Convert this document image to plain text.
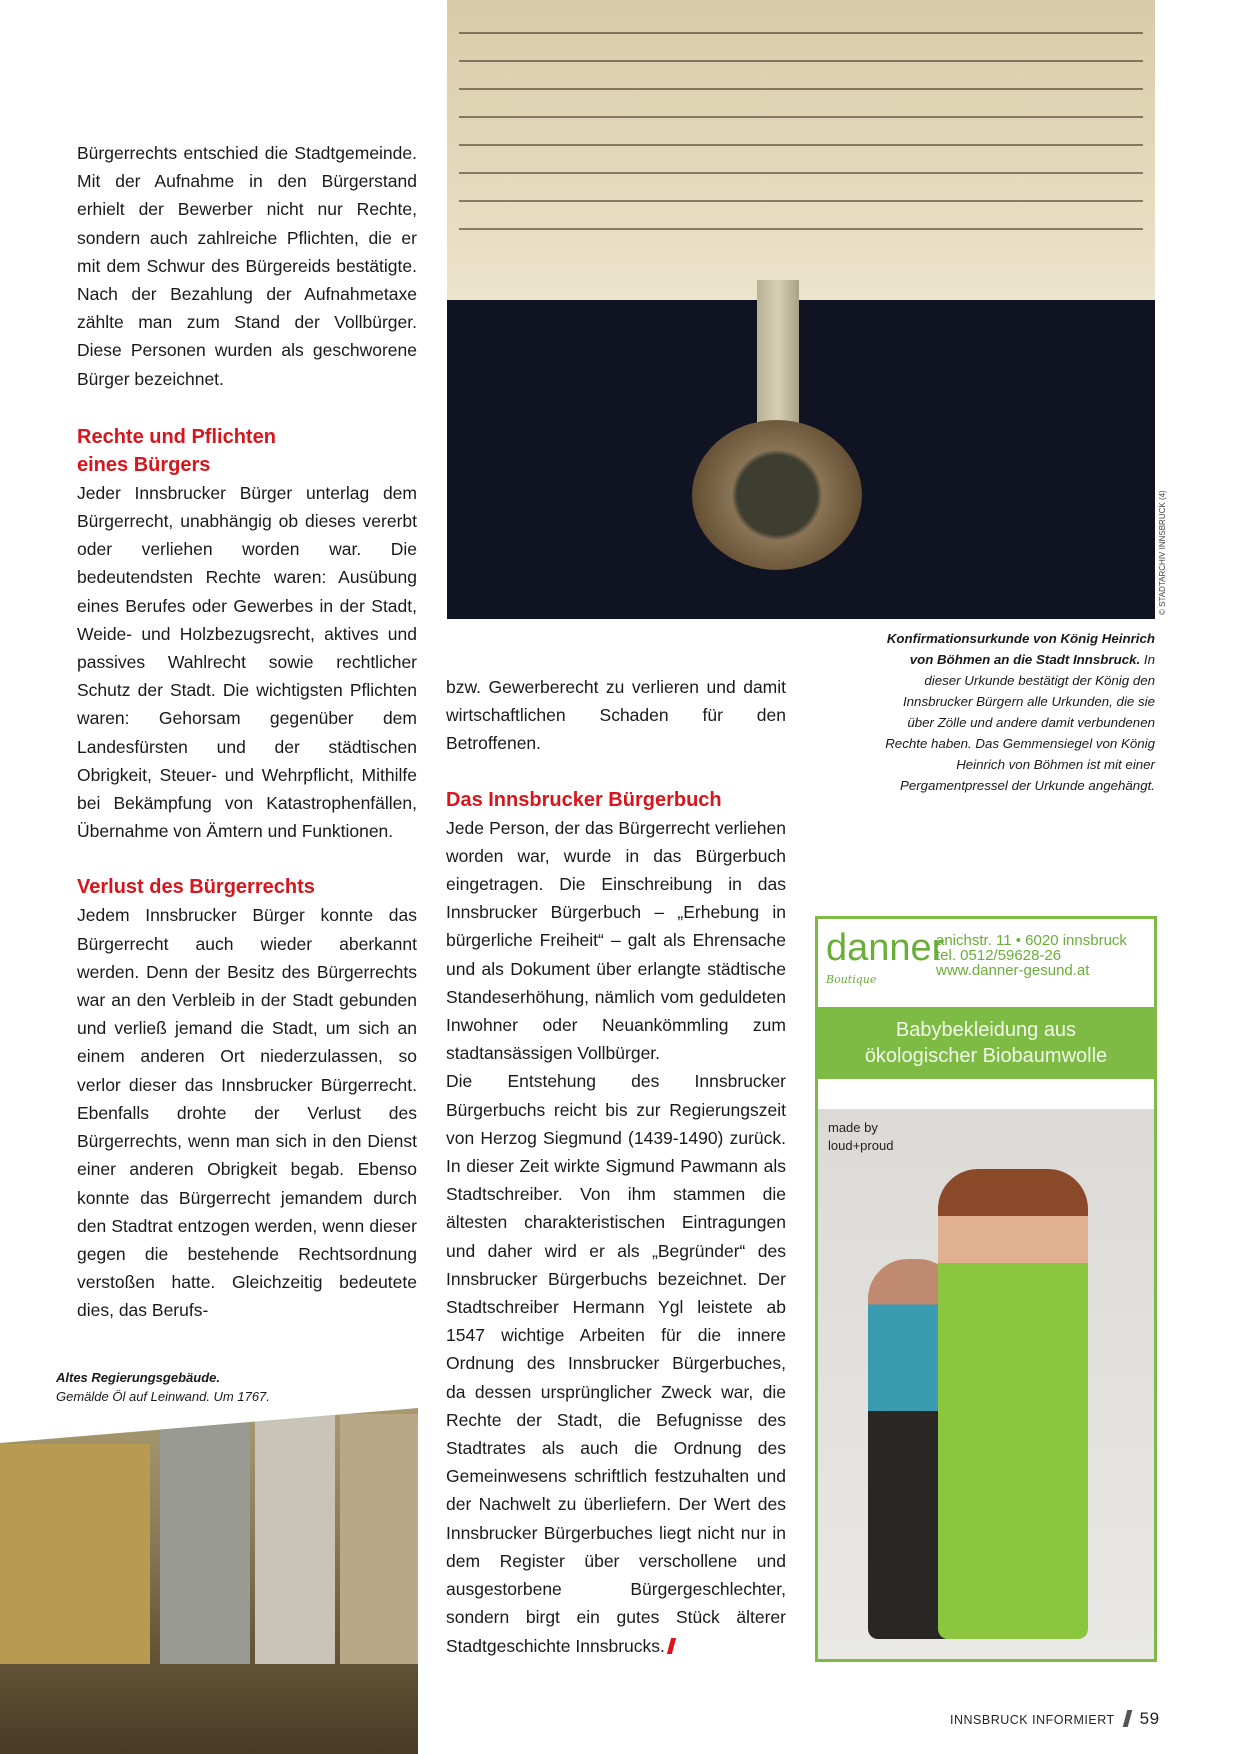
Bürgerrechts entschied die Stadtgemeinde. Mit der Aufnahme in den Bürgerstand erhielt der Bewerber nicht nur Rechte, sondern auch zahlreiche Pflichten, die er mit dem Schwur des Bürgereids bestätigte. Nach der Bezahlung der Aufnahmetaxe zählte man zum Stand der Vollbürger. Diese Personen wurden als geschworene Bürger bezeichnet.

Rechte und Pflichten eines Bürgers

Jeder Innsbrucker Bürger unterlag dem Bürgerrecht, unabhängig ob dieses vererbt oder verliehen worden war. Die bedeutendsten Rechte waren: Ausübung eines Berufes oder Gewerbes in der Stadt, Weide- und Holzbezugsrecht, aktives und passives Wahlrecht sowie rechtlicher Schutz der Stadt. Die wichtigsten Pflichten waren: Gehorsam gegenüber dem Landesfürsten und der städtischen Obrigkeit, Steuer- und Wehrpflicht, Mithilfe bei Bekämpfung von Katastrophenfällen, Übernahme von Ämtern und Funktionen.

Verlust des Bürgerrechts

Jedem Innsbrucker Bürger konnte das Bürgerrecht auch wieder aberkannt werden. Denn der Besitz des Bürgerrechts war an den Verbleib in der Stadt gebunden und verließ jemand die Stadt, um sich an einem anderen Ort niederzulassen, so verlor dieser das Innsbrucker Bürgerrecht. Ebenfalls drohte der Verlust des Bürgerrechts, wenn man sich in den Dienst einer anderen Obrigkeit begab. Ebenso konnte das Bürgerrecht jemandem durch den Stadtrat entzogen werden, wenn dieser gegen die bestehende Rechtsordnung verstoßen hatte. Gleichzeitig bedeutete dies, das Berufs-

bzw. Gewerberecht zu verlieren und damit wirtschaftlichen Schaden für den Betroffenen.

Das Innsbrucker Bürgerbuch

Jede Person, der das Bürgerrecht verliehen worden war, wurde in das Bürgerbuch eingetragen. Die Einschreibung in das Innsbrucker Bürgerbuch – „Erhebung in bürgerliche Freiheit“ – galt als Ehrensache und als Dokument über erlangte städtische Standeserhöhung, nämlich vom geduldeten Inwohner oder Neuankömmling zum stadtansässigen Vollbürger.

Die Entstehung des Innsbrucker Bürgerbuchs reicht bis zur Regierungszeit von Herzog Siegmund (1439-1490) zurück. In dieser Zeit wirkte Sigmund Pawmann als Stadtschreiber. Von ihm stammen die ältesten charakteristischen Eintragungen und daher wird er als „Begründer“ des Innsbrucker Bürgerbuchs bezeichnet. Der Stadtschreiber Hermann Ygl leistete ab 1547 wichtige Arbeiten für die innere Ordnung des Innsbrucker Bürgerbuches, da dessen ursprünglicher Zweck war, die Rechte der Stadt, die Befugnisse des Stadtrates als auch die Ordnung des Gemeinwesens schriftlich festzuhalten und der Nachwelt zu überliefern. Der Wert des Innsbrucker Bürgerbuches liegt nicht nur in dem Register über verschollene und ausgestorbene Bürgergeschlechter, sondern birgt ein gutes Stück älterer Stadtgeschichte Innsbrucks.

© STADTARCHIV INNSBRUCK (4)
Konfirmationsurkunde von König Heinrich von Böhmen an die Stadt Innsbruck. In dieser Urkunde bestätigt der König den Innsbrucker Bürgern alle Urkunden, die sie über Zölle und andere damit verbundenen Rechte haben. Das Gemmensiegel von König Heinrich von Böhmen ist mit einer Pergamentpressel der Urkunde angehängt.
danner
Boutique
anichstr. 11 • 6020 innsbruck
tel. 0512/59628-26
www.danner-gesund.at
Babybekleidung aus
ökologischer Biobaumwolle
made by
loud+proud
Altes Regierungsgebäude.
Gemälde Öl auf Leinwand. Um 1767.
INNSBRUCK INFORMIERT 59
